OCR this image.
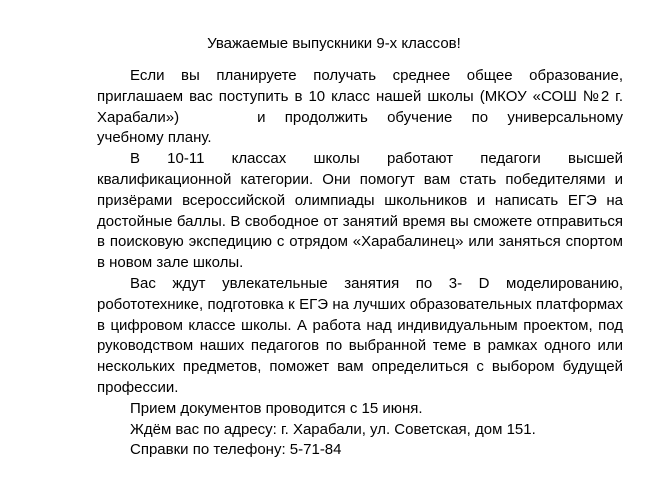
Уважаемые выпускники 9-х классов!

Если вы планируете получать среднее общее образование, приглашаем вас поступить в 10 класс нашей школы (МКОУ «СОШ №2 г. Харабали»)	и продолжить обучение по универсальному учебному плану.

В 10-11 классах школы работают педагоги высшей квалификационной категории. Они помогут вам стать победителями и призёрами всероссийской олимпиады школьников и написать ЕГЭ на достойные баллы. В свободное от занятий время вы сможете отправиться в поисковую экспедицию с отрядом «Харабалинец» или заняться спортом в новом зале школы.

Вас ждут увлекательные занятия по 3- D моделированию, робототехнике, подготовка к ЕГЭ на лучших образовательных платформах в цифровом классе школы. А работа над индивидуальным проектом, под руководством наших педагогов по выбранной теме в рамках одного или нескольких предметов, поможет вам определиться с выбором будущей профессии.

Прием документов проводится с 15 июня.

Ждём вас по адресу: г. Харабали, ул. Советская, дом 151.

Справки по телефону: 5-71-84
